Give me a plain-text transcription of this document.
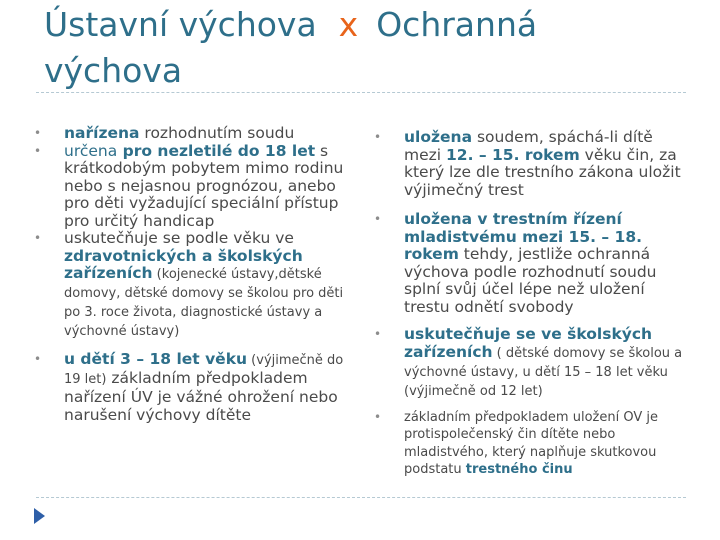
Ústavní výchova x Ochranná výchova
• nařízena rozhodnutím soudu
• určena pro nezletilé do 18 let s krátkodobým pobytem mimo rodinu nebo s nejasnou prognózou, anebo pro děti vyžadující speciální přístup pro určitý handicap
• uskutečňuje se podle věku ve zdravotnických a školských zařízeních (kojenecké ústavy,dětské domovy, dětské domovy se školou pro děti po 3. roce života, diagnostické ústavy a výchovné ústavy)
• u dětí 3 – 18 let věku (výjimečně do 19 let) základním předpokladem nařízení ÚV je vážné ohrožení nebo narušení výchovy dítěte
• uložena soudem, spáchá-li dítě mezi 12. – 15. rokem věku čin, za který lze dle trestního zákona uložit výjimečný trest
• uložena v trestním řízení mladistvému mezi 15. – 18. rokem tehdy, jestliže ochranná výchova podle rozhodnutí soudu splní svůj účel lépe než uložení trestu odnětí svobody
• uskutečňuje se ve školských zařízeních ( dětské domovy se školou a výchovné ústavy, u dětí 15 – 18 let věku (výjimečně od 12 let)
• základním předpokladem uložení OV je protispolečenský čin dítěte nebo mladistvého, který naplňuje skutkovou podstatu trestného činu
